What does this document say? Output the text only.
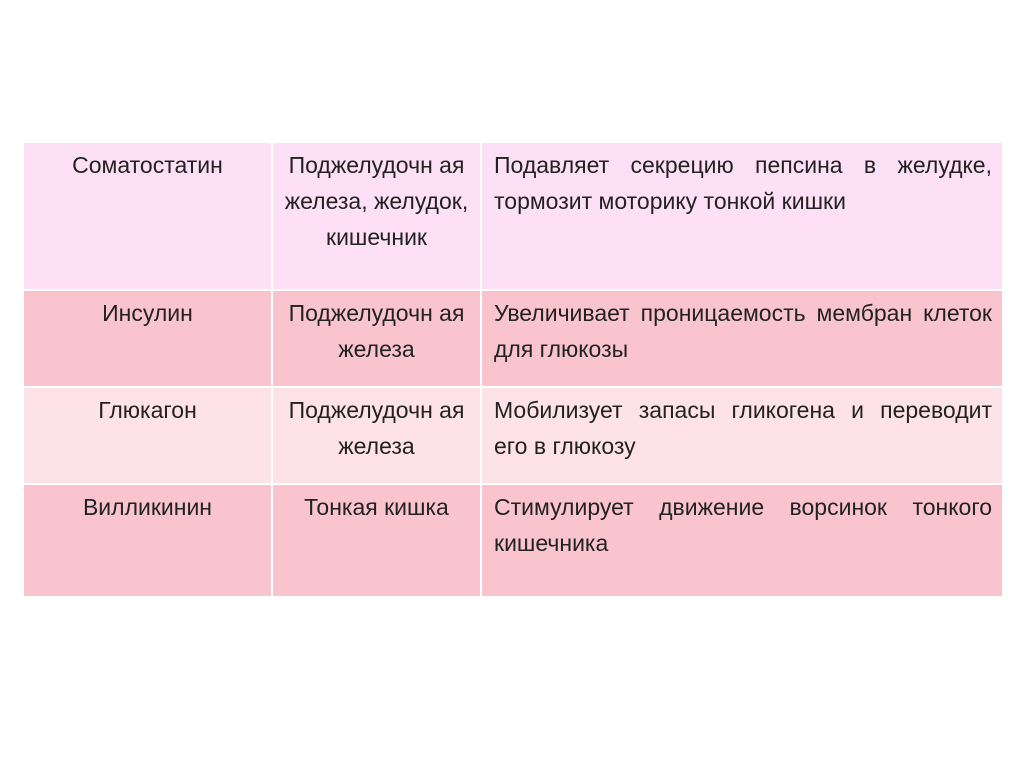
Соматостатин	Поджелудочн ая железа, желудок, кишечник	Подавляет секрецию пепсина в желудке, тормозит моторику тонкой кишки
Инсулин	Поджелудочн ая железа	Увеличивает проницаемость мембран клеток для глюкозы
Глюкагон	Поджелудочн ая железа	Мобилизует запасы гликогена и переводит его в глюкозу
Вилликинин	Тонкая кишка	Стимулирует движение ворсинок тонкого кишечника
